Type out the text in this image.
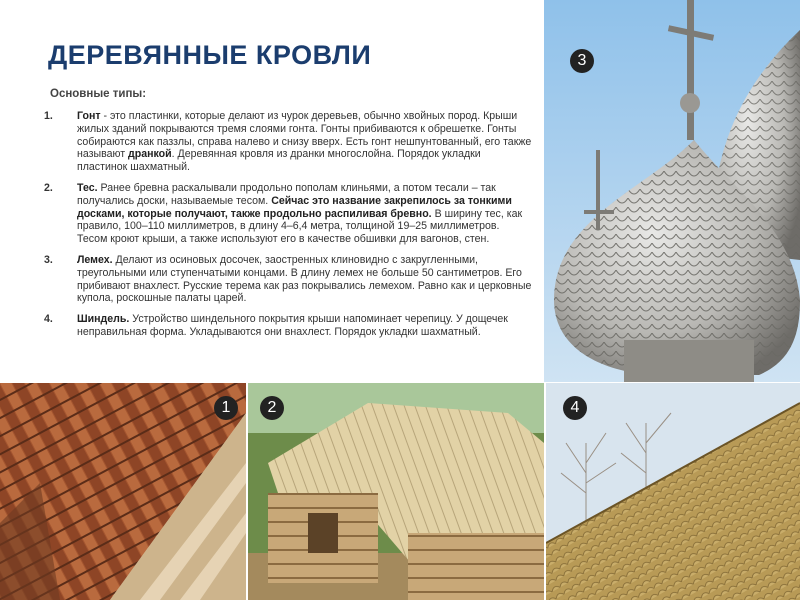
ДЕРЕВЯННЫЕ КРОВЛИ
Основные типы:
1. Гонт - это пластинки, которые делают из чурок деревьев, обычно хвойных пород. Крыши жилых зданий покрываются тремя слоями гонта. Гонты прибиваются к обрешетке. Гонты собираются как паззлы, справа налево и снизу вверх. Есть гонт нешпунтованный, его также называют дранкой. Деревянная кровля из дранки многослойна. Порядок укладки пластинок шахматный.
2. Тес. Ранее бревна раскалывали продольно пополам клиньями, а потом тесали – так получались доски, называемые тесом. Сейчас это название закрепилось за тонкими досками, которые получают, также продольно распиливая бревно. В ширину тес, как правило, 100–110 миллиметров, в длину 4–6,4 метра, толщиной 19–25 миллиметров. Тесом кроют крыши, а также используют его в качестве обшивки для вагонов, стен.
3. Лемех. Делают из осиновых досочек, заостренных клиновидно с закругленными, треугольными или ступенчатыми концами. В длину лемех не больше 50 сантиметров. Его прибивают внахлест. Русские терема как раз покрывались лемехом. Равно как и церковные купола, роскошные палаты царей.
4. Шиндель. Устройство шиндельного покрытия крыши напоминает черепицу. У дощечек неправильная форма. Укладываются они внахлест. Порядок укладки шахматный.
3
1	2	4
